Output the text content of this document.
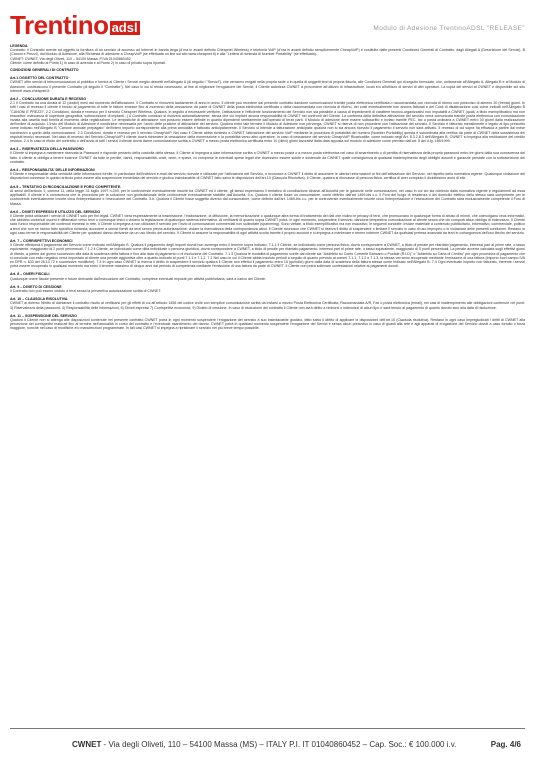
Trentino adsl	Modulo di Adesione TrentinoADSL "RELEASE"

LEGENDA

Contratto: il Contratto avente ad oggetto la fornitura di un servizio di accesso ad Internet in banda larga (d'ora in avanti definito Cheapnet Wireless) e telefonia VoIP (d'ora in avanti definito semplicemente CheapVoIP) è costituito dalle presenti Condizioni Generali di Contratto, dagli Allegati A (Descrizione del Servizi), B (Canoni e Prezzi), dal Modulo di Adesione, alla Richiesta di adesione a CheapVoIP (se effettuata on line sul sito www.cheapnet.it) e alla "Lettera di richiesta di Number Portability" (se effettuata).

CWNET: CWNET, Via degli Oliveti, 110 – 54100 Massa, P.IVA 01040860452

Cliente: come definito al Punto 1) in caso di azienda e al Punto 2) in caso di privato sopra riportati.

CONDIZIONI GENERALI DI CONTRATTO

Art.1 OGGETTO DEL CONTRATTO

CWNET offre servizi di telecomunicazioni al pubblico e fornirà al Cliente i Servizi meglio descritti nell'allegato A (di seguito i "Servizi"), che verranno erogati nella propria sede o in quella di soggetti terzi di propria fiducia, alle Condizioni Generali qui di seguito formulate, che, unitamente all'Allegato A, Allegato B e al Modulo di Adesione, costituiscono il presente Contratto (di seguito il "Contratto"). Nel caso in cui si renda necessario, al fine di migliorare l'erogazione dei Servizi, il Cliente autorizza CWNET a provvedere all'utilizzo di infrastrutture, locali e/o all'utilizzo di servizi di altri operatori. La copia del servizi al CWNET è disponibile sul sito Internet www.cheapnet.it.

Art.2 – CONCLUSIONE DURATA E RECESSO

2.1 Il Contratto ha una durata di 12 (dodici) mesi dal momento dell'attivazione. Il Contratto si rinnoverà tacitamente di anno in anno. Il cliente può recedere dal presente contratto dandone comunicazione tramite posta elettronica certificata o raccomandata con ricevuta di ritorno con preavviso di almeno 30 (trenta) giorni. In tutti i casi di recesso il cliente è tenuto al pagamento di tutte le fatture emesse fino al momento della cessazione da parte di CWNET della posta elettronica certificata o della raccomandata con ricevuta di ritorno, dei costi eventualmente non ancora fatturati e dei Costi di disattivazione così come indicati nell'Allegato B "CANONI E PREZZI". 2.2 Condizioni, durata e recesso per il servizio Cheapnet Wireless. Qualora, in seguito a necessarie verifiche, l'attivazione e l'efficiente funzionamento del Servizio non sia possibile a causa di impedimenti di carattere tecnico-organizzativi non imputabili a CWNET (quali, a titolo esemplificativo ma non esaustivo: mancanza di copertura geografica, sottoscrizione di impianti...) il Contratto concluso si risolverà automaticamente, senza che ciò implichi alcuna responsabilità di CWNET nei confronti del Cliente. La conferma della definitiva attivazione del servizio verrà comunicata tramite posta elettronica con comunicazione inviata alla casella mail fornita al momento della registrazione. Le tempistiche di attivazione non possono essere definite in quanto dipendenti strettamente dall'operato di terze parti. Il Modulo di adesione deve essere sottoscritto e inviato tramite PEC, fax o posta ordinaria a CWNET entro 30 giorni dalla realizzazione dell'ordine di acquisto. L'invio del Modulo di Adesione è condizione necessaria per l'avvio delle pratiche di attivazione del servizio. Qualora entro tale termine il Modulo di Adesione non pervenga, CWNET si riserva di non procedere con l'attivazione del servizio. Il Servizio è fatturato mensilmente e legato al tipo prescelto come indicato nell'Allegato B "Canone annuale prepagato" dell'intero importo corrispondente alla prima annualità e fatturato anticipatamente. Il Servizio si intende a fatturazione anticipata: qualora non si sia ancora ricevuto il pagamento il servizio non sarà attivato. Il recesso di cui sopra ha efficacia a partire dal mese successivo a quello della comunicazione. 2.3 Condizioni, durata e recesso per il servizio CheapVoIP. Nel caso il Cliente abbia richiesto a CWNET l'attivazione del servizio VoIP mediante la procedura di portabilità del numero (Number Portability) questa è subordinata alla verifica da parte di CWNET della sussistenza dei requisiti tecnici necessari. Nel caso di recesso del Servizio CheapVoIP il cliente dovrà richiedere la cessazione della numerazione o la portabilità verso altro operatore. In caso di cessazione del servizio CheapVoIP Ricaricabile, come indicato negli Art. 8.3.2,8.3 dell'Allegato B, CWNET si impegna alla restituzione del credito residuo. 2.4 In caso di rifiuto del contratto o dell'avvio di tutti i servizi il cliente dovrà darne comunicazione scritta a CWNET a mezzo posta elettronica certificata entro 10 (dieci) giorni lavorativi dalla data apposta sul modulo di adesione come previsto dall'art. 5 del d.lg. 185/1999.

Art.3 – RISERVATEZZA DELLA PASSWORD

Il Cliente si impegna a mantenere riservata la Password e risponde pertanto della custodia della stessa. Il Cliente si impegna a dare informazione scritta a CWNET a mezzo posta o a mezzo posta elettronica nel caso di smarrimento o di perdita di riservatezza della propria password entro tre giorni dalla sua conoscenza del fatto. Il cliente si obbliga a tenere indenne CWNET da tutte le perdite, danni, responsabilità, costi, oneri, e spese, ivi comprese le eventuali spese legali che dovessero essere subite e sostenute da CWNET quale conseguenza di qualsiasi inadempimento degli obblighi assunti e garanzie prestate con la sottoscrizione del contratto.

Art.4 – RESPONSABILITA' DELLE INFORMAZIONI

Il Cliente è responsabile della veridicità delle informazioni fornite, in particolare dell'indirizzo e-mail dal servizio ricevute e utilizzate per l'attivazione del Servizio, e riconosce a CWNET il diritto di assumere le ulteriori informazioni ai fini dell'attivazione del Servizio, nel rispetto della normativa vigente. Qualunque violazione dei disposizioni connesse in questo articolo potrà essere alla sospensione immediata del servizio e giudica insindacabile di CWNET fatto salvo le disposizioni dell'art.10 (Clausola Risolutiva). Il Cliente, qualora si ritrovasse di persona fisica, certifica di aver compiuto il diciottesimo anno di età.

Art.5 – TENTATIVO DI RICONCILIAZIONE E FORO COMPETENTE.

Ai sensi dell'articolo 1, comma 11, della legge 31 luglio 1997 n.249, per le controversie eventualmente insorte tra CWNET ed il cliente, gli stessi esperiranno il tentativo di conciliazione dinanzi all'Autorità per le garanzie nelle comunicazioni, nel caso in cui ciò sia richiesto dalla normativa vigente e regolamenti ad essa applicabili. Il cliente è a conoscenza che la procedura per la soluzione non giurisdizionale delle controversie eventualmente stabilite dall'Autorità. 5.a. Qualora il cliente fosse un consumatore, come definito dall'art 1469-bis c.c. il Foro del luogo di residenza o del domicilio elettivo dello stesso sarà competente per le controversie eventualmente insorte circa l'interpretazione e l'esecuzione del Contratto. 5.b. Qualora il Cliente fosse soggetto diverso dal consumatore, come definito dall'art. 1469-bis c.c. per le controversie eventualmente insorte circa l'interpretazione e l'esecuzione del Contratto sarà esclusivamente competente il Foro di Massa.

Art.6 – DIVIETI ESPRESSI E UTILIZZO DEL SERVIZIO

Il Cliente potrà utilizzare i servizi di CWNET solo per fini legali. CWNET vieta espressamente la trasmissione, l'elaborazione, la diffusione, la memorizzazione o qualunque altra forma di trattamento dei dati che violino le privacy di terzi, che promuovano in qualunque forma di abuso di minori, che coinvolgano virus informatici, che abbiano contenuti osceni e diffamatori verso terzi o comunque lesivi o violano la legislazione di qualunque sistema informativo. Al verificarsi di quanto sopra CWNET potrà, in ogni momento, sospendere il servizio, dandone tempestiva comunicazione al cliente senza che ciò comporti alcun obbligo di indennizzo. Il Cliente sarà l'unico responsabile dei contenuti immessi in rete. Il Cliente si impegna a non utilizzare il servizio per l'invio di comunicazioni commerciali non sollecitate (spamming). Sono vietate, a titolo esemplificativo ma non esaustivo, le seguenti condotte: inviare materiale a contenuto pubblicitario, informativo, commerciale, politico a terzi che non ne hanno fatto specifica richiesta; accedere a servizi forniti da terzi senza previa autorizzazione; violare la riservatezza della corrispondenza altrui. Il Cliente riconosce che CWNET si riserva il diritto di sospendere o limitare il servizio in caso di uso improprio o in violazione delle presenti condizioni. Restano in ogni caso ferme le responsabilità del Cliente per qualsiasi danno derivante da un uso illecito del servizio. Il Cliente si assume la responsabilità di ogni attività svolta tramite il proprio account e si impegna a manlevare e tenere indenne CWNET da qualsiasi pretesa avanzata da terzi in conseguenza dell'uso illecito del servizio.

Art. 7 – CORRISPETTIVI ECONOMICI

Il Cliente effettuerà il pagamento del Servizio come indicato nell'Allegato B. Qualora il pagamento degli importi dovuti non avvenga entro il termine sopra indicato: 7.1.1 il Cliente, se individuato come persona fisica, dovrà corrispondere a CWNET, a titolo di penale per ritardato pagamento, interessi pari al prime rate, o tasso equivalente, maggiorato di 2 punti percentuali. 7.1.2 il Cliente, se individuato come ditta individuale o persona giuridica, dovrà corrispondere a CWNET, a titolo di penale per ritardato pagamento, interessi pari al prime rate, o tasso equivalente, maggiorato di 5 punti percentuali. La penale avverrà calcolata sugli effettivi giorni di ritardo, a partire dal giorno successivo alla data di scadenza della fattura e fino alla data di pagamento o di risoluzione del Contratto. 7.1.3 Qualora le modalità di pagamento scelte dal cliente sia "Addebito su Conto Corrente Bancario o Postale (R.I.D)" o "Addebito su Carta di Credito" per ogni procedura di pagamento che si conclude con esito negativo verrà impostato al cliente una penale aggiuntiva oltre a quanto indicato ai punti 7.1.1 e 7.1.2. 7.2 Nel caso in cui il Cliente abbia insoluto periodi a seguito di quanto previsto ai commi 7.1.1, 7.1.2 e 7.1.3, la stessa verranno recuperate mediante l'emissione di una fattura (importo fuori campo IVA ex DPR n. 633 del 26.10.72 e successive modifiche). 7.3 In ogni caso CWNET si riserva il diritto di sospendere il servizio qualora il Cliente non effettui il pagamento entro 15 (quindici) giorni dalla data di scadenza della fattura stessa come indicato nell'Allegato B. 7.4 Ogni eventuale importo non fatturato, inerente i servizi potrà essere recuperato in qualsiasi momento ma entro il termine massimo di cinque anni dal periodo di competenza mediante l'emissione di una fattura da parte di CWNET. Il Cliente non potrà sollevare contestazioni relative ai pagamenti dovuti.

Art. 8 – ONERI FISCALI

Qualunque onere fiscale presente e future derivante dall'esecuzione del Contratto, comprese eventuali imposte per attività pubblicitaria, sarà a carico del Cliente.

Art. 9 – DIVIETO DI CESSIONE

Il Contratto non può essere ceduto a terzi senza la preventiva autorizzazione scritta di CWNET.

Art. 10 – CLAUSOLA RISOLUTIVA

CWNET al diverso l'diritto di dichiarare il contratto risolto al verificarsi per gli effetti di cui all'articolo 1456 del codice civile con semplice comunicazione scritta da inviarsi a mezzo Posta Elettronica Certificata, Raccomandata A/R, Fax o posta elettronica (email), nei casi di inadempimento alle obbligazioni contenute nei punti: 3) Riservatezza della password, 4) Responsabilità delle informazioni, 6) Divieti espressi 7) Corrispettivi economici, 9) Divieto di cessione. In caso di risoluzione del contratto il Cliente non avrà diritto a rimborsi o indennizzi di alcun tipo e sarà tenuto al pagamento di quanto dovuto sino alla data di risoluzione.

Art. 11 – SOSPENSIONE DEL SERVIZIO

Qualora il Cliente non si attenga alle disposizioni contenute nel presente contratto CWNET potrà in ogni momento sospendere l'erogazione del servizio a suo insindacabile giudizio, fatto salvo il diritto di applicare le disposizioni dell'art.10 (Clausola risolutiva). Restano in ogni caso impregiudicati i diritti di CWNET alla percezione dei corrispettivi maturati fino al termine dell'annualità in corso del contratto e l'eventuale risarcimento del danno. CWNET potrà in qualsiasi momento sospendere l'erogazione dei Servizi e senza alcun preavviso in caso di guasti alla rete e agli apparati di erogazione del Servizio dovuti a caso fortuito o forza maggiore, nonché nel caso di modifiche e/o manutenzioni programmate. In tali casi CWNET si impegna a ripristinare il servizio nel più breve tempo possibile.

CWNET - Via degli Oliveti, 110 – 54100 Massa (MS) – ITALY P.I. IT 01040860452 – Cap. Soc.: € 100.000 i.v.	Pag. 4/6
